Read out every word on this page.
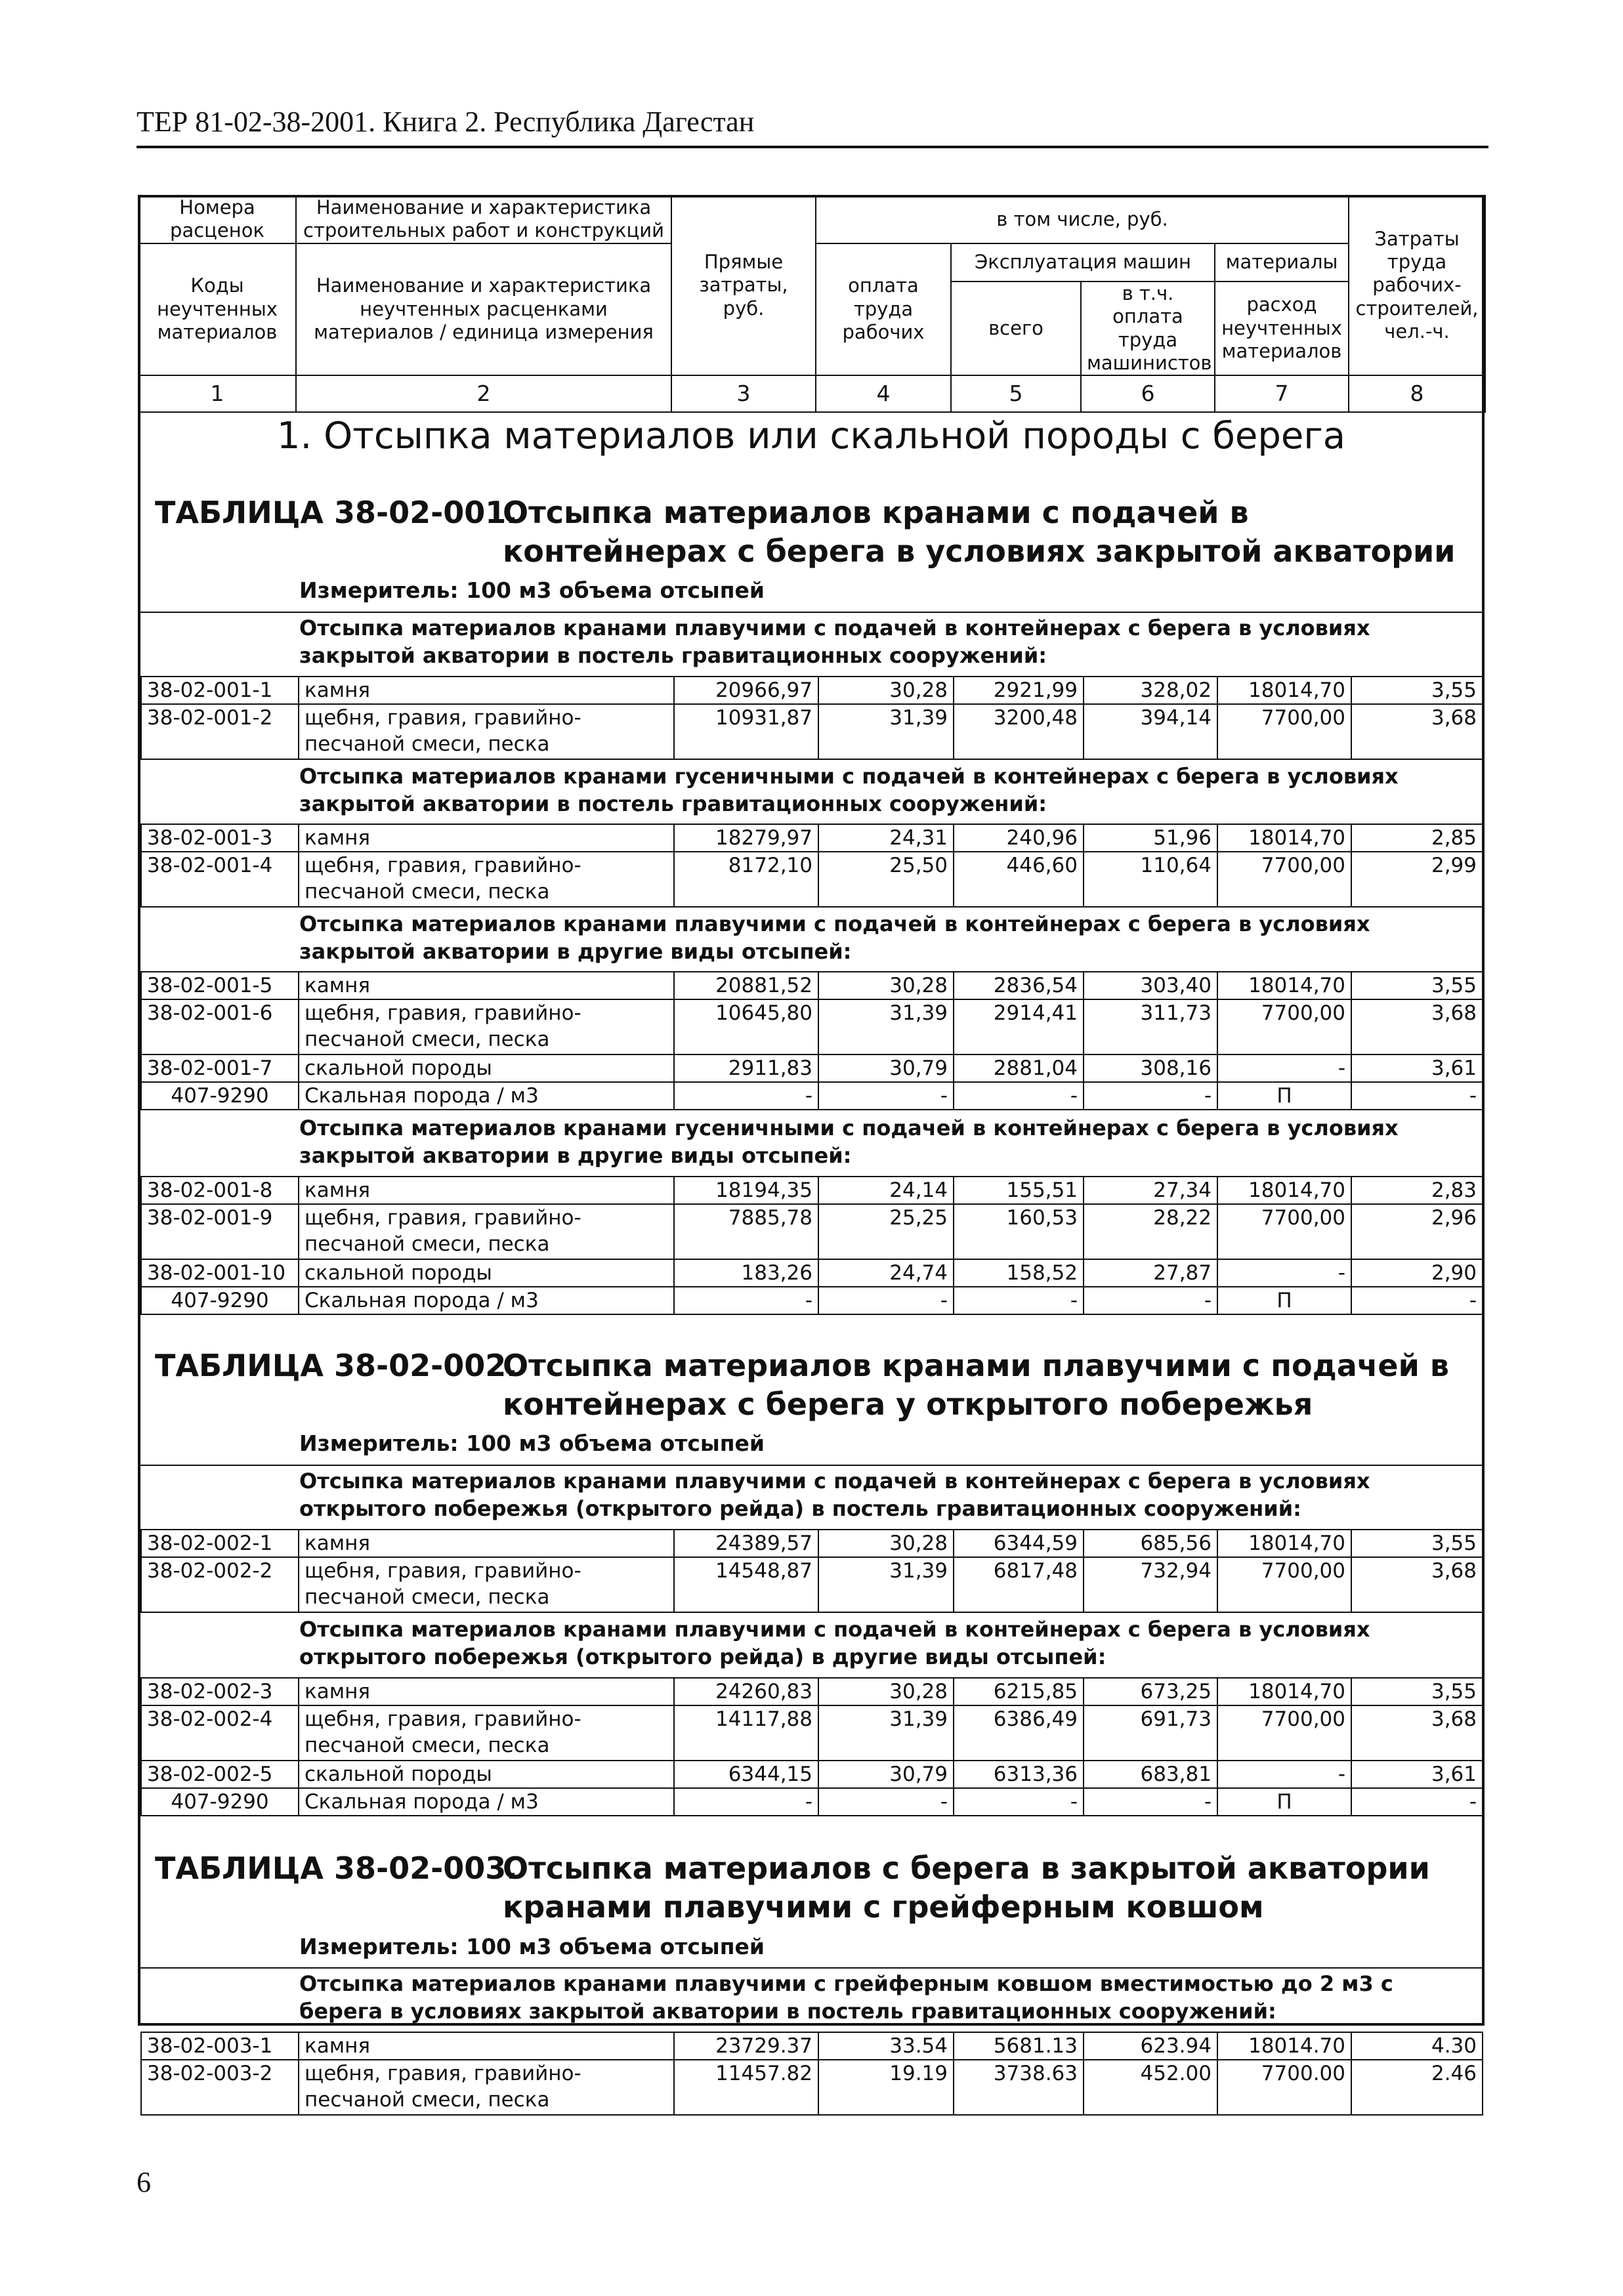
ТЕР 81-02-38-2001. Книга 2. Республика Дагестан
Номера расценок	Наименование и характеристика строительных работ и конструкций	Прямые затраты, руб.	в том числе, руб.				Затраты труда рабочих-строителей, чел.-ч.
Коды неучтенных материалов	Наименование и характеристика неучтенных расценками материалов / единица измерения		оплата труда рабочих	Эксплуатация машин		материалы	
				всего	в т.ч. оплата труда машинистов	расход неучтенных материалов	
1	2	3	4	5	6	7	8
1. Отсыпка материалов или скальной породы с берега
ТАБЛИЦА 38-02-001.
Отсыпка материалов кранами с подачей в контейнерах с берега в условиях закрытой акватории
Измеритель: 100 м3 объема отсыпей
Отсыпка материалов кранами плавучими с подачей в контейнерах с берега в условиях закрытой акватории в постель гравитационных сооружений:
38-02-001-1	камня	20966,97	30,28	2921,99	328,02	18014,70	3,55
38-02-001-2	щебня, гравия, гравийно-песчаной смеси, песка	10931,87	31,39	3200,48	394,14	7700,00	3,68
Отсыпка материалов кранами гусеничными с подачей в контейнерах с берега в условиях закрытой акватории в постель гравитационных сооружений:
38-02-001-3	камня	18279,97	24,31	240,96	51,96	18014,70	2,85
38-02-001-4	щебня, гравия, гравийно-песчаной смеси, песка	8172,10	25,50	446,60	110,64	7700,00	2,99
Отсыпка материалов кранами плавучими с подачей в контейнерах с берега в условиях закрытой акватории в другие виды отсыпей:
38-02-001-5	камня	20881,52	30,28	2836,54	303,40	18014,70	3,55
38-02-001-6	щебня, гравия, гравийно-песчаной смеси, песка	10645,80	31,39	2914,41	311,73	7700,00	3,68
38-02-001-7	скальной породы	2911,83	30,79	2881,04	308,16	-	3,61
407-9290	Скальная порода / м3	-	-	-	-	П	-
Отсыпка материалов кранами гусеничными с подачей в контейнерах с берега в условиях закрытой акватории в другие виды отсыпей:
38-02-001-8	камня	18194,35	24,14	155,51	27,34	18014,70	2,83
38-02-001-9	щебня, гравия, гравийно-песчаной смеси, песка	7885,78	25,25	160,53	28,22	7700,00	2,96
38-02-001-10	скальной породы	183,26	24,74	158,52	27,87	-	2,90
407-9290	Скальная порода / м3	-	-	-	-	П	-
ТАБЛИЦА 38-02-002.
Отсыпка материалов кранами плавучими с подачей в контейнерах с берега у открытого побережья
Измеритель: 100 м3 объема отсыпей
Отсыпка материалов кранами плавучими с подачей в контейнерах с берега в условиях открытого побережья (открытого рейда) в постель гравитационных сооружений:
38-02-002-1	камня	24389,57	30,28	6344,59	685,56	18014,70	3,55
38-02-002-2	щебня, гравия, гравийно-песчаной смеси, песка	14548,87	31,39	6817,48	732,94	7700,00	3,68
Отсыпка материалов кранами плавучими с подачей в контейнерах с берега в условиях открытого побережья (открытого рейда) в другие виды отсыпей:
38-02-002-3	камня	24260,83	30,28	6215,85	673,25	18014,70	3,55
38-02-002-4	щебня, гравия, гравийно-песчаной смеси, песка	14117,88	31,39	6386,49	691,73	7700,00	3,68
38-02-002-5	скальной породы	6344,15	30,79	6313,36	683,81	-	3,61
407-9290	Скальная порода / м3	-	-	-	-	П	-
ТАБЛИЦА 38-02-003.
Отсыпка материалов с берега в закрытой акватории кранами плавучими с грейферным ковшом
Измеритель: 100 м3 объема отсыпей
Отсыпка материалов кранами плавучими с грейферным ковшом вместимостью до 2 м3 с берега в условиях закрытой акватории в постель гравитационных сооружений:
38-02-003-1	камня	23729.37	33.54	5681.13	623.94	18014.70	4.30
38-02-003-2	щебня, гравия, гравийно-песчаной смеси, песка	11457.82	19.19	3738.63	452.00	7700.00	2.46
6
